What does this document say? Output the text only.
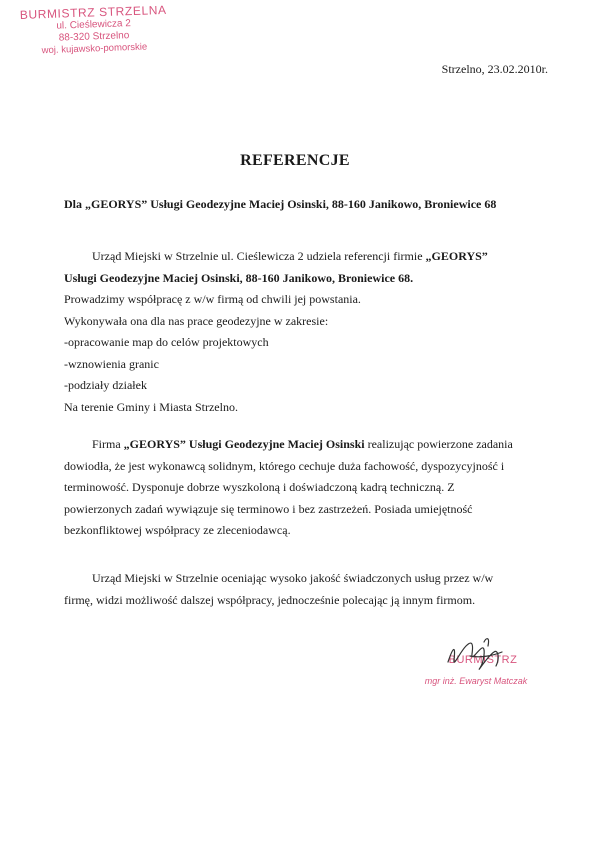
BURMISTRZ STRZELNA
ul. Cieślewicza 2
88-320 Strzelno
woj. kujawsko-pomorskie
Strzelno, 23.02.2010r.
REFERENCJE
Dla „GEORYS” Usługi Geodezyjne Maciej Osinski, 88-160 Janikowo, Broniewice 68
Urząd Miejski w Strzelnie ul. Cieślewicza 2 udziela referencji firmie „GEORYS”
Usługi Geodezyjne Maciej Osinski, 88-160 Janikowo, Broniewice 68.
Prowadzimy współpracę z w/w firmą od chwili jej powstania.
Wykonywała ona dla nas prace geodezyjne w zakresie:
-opracowanie map do celów projektowych
-wznowienia granic
-podziały działek
Na terenie Gminy i Miasta Strzelno.
Firma „GEORYS” Usługi Geodezyjne Maciej Osinski realizując powierzone zadania
dowiodła, że jest wykonawcą solidnym, którego cechuje duża fachowość, dyspozycyjność i
terminowość. Dysponuje dobrze wyszkoloną i doświadczoną kadrą techniczną. Z
powierzonych zadań wywiązuje się terminowo i bez zastrzeżeń. Posiada umiejętność
bezkonfliktowej współpracy ze zleceniodawcą.
Urząd Miejski w Strzelnie oceniając wysoko jakość świadczonych usług przez w/w
firmę, widzi możliwość dalszej współpracy, jednocześnie polecając ją innym firmom.
BURMISTRZ
mgr inż. Ewaryst Matczak
